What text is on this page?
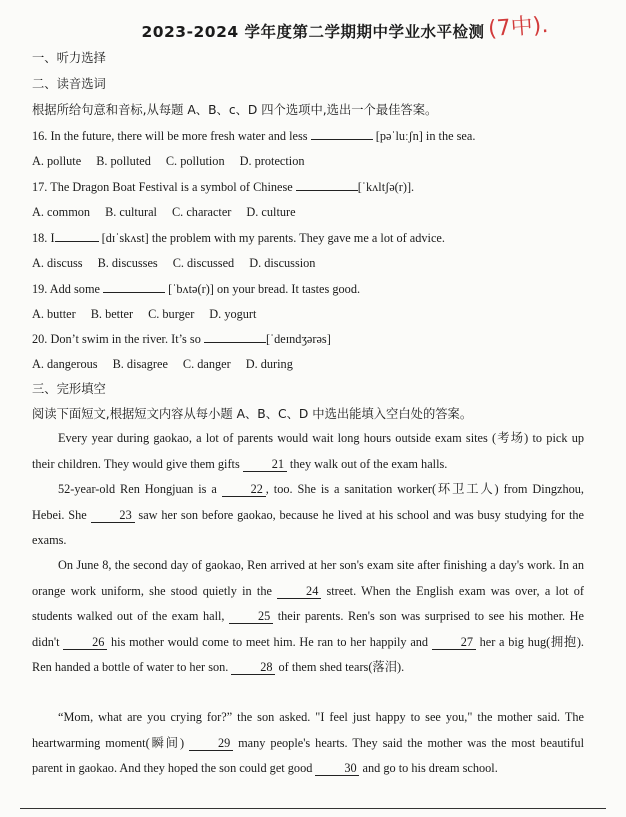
2023-2024 学年度第二学期期中学业水平检测 (7中).
一、听力选择
二、读音选词
根据所给句意和音标,从每题 A、B、c、D 四个选项中,选出一个最佳答案。
16. In the future, there will be more fresh water and less	[pəˈluːʃn] in the sea.
A. pollute B. polluted C. pollution D. protection
17. The Dragon Boat Festival is a symbol of Chinese	[ˈkʌltʃə(r)].
A. common B. cultural C. character D. culture
18. I	[dɪˈskʌst] the problem with my parents. They gave me a lot of advice.
A. discuss B. discusses C. discussed D. discussion
19. Add some	[ˈbʌtə(r)] on your bread. It tastes good.
A. butter B. better C. burger D. yogurt
20. Don’t swim in the river. It’s so	[ˈdeɪndʒərəs]
A. dangerous B. disagree C. danger D. during
三、完形填空
阅读下面短文,根据短文内容从每小题 A、B、C、D 中选出能填入空白处的答案。
Every year during gaokao, a lot of parents would wait long hours outside exam sites (考场) to pick up their children. They would give them gifts	21 they walk out of the exam halls.
52-year-old Ren Hongjuan is a	22 , too. She is a sanitation worker(环卫工人) from Dingzhou, Hebei. She	23 saw her son before gaokao, because he lived at his school and was busy studying for the exams.
On June 8, the second day of gaokao, Ren arrived at her son's exam site after finishing a day's work. In an orange work uniform, she stood quietly in the	24 street. When the English exam was over, a lot of students walked out of the exam hall,	25 their parents. Ren's son was surprised to see his mother. He didn't	26 his mother would come to meet him. He ran to her happily and	27 her a big hug(拥抱). Ren handed a bottle of water to her son.	28 of them shed tears(落泪).
“Mom, what are you crying for?” the son asked. "I feel just happy to see you," the mother said. The heartwarming moment(瞬间)	29 many people's hearts. They said the mother was the most beautiful parent in gaokao. And they hoped the son could get good	30 and go to his dream school.
